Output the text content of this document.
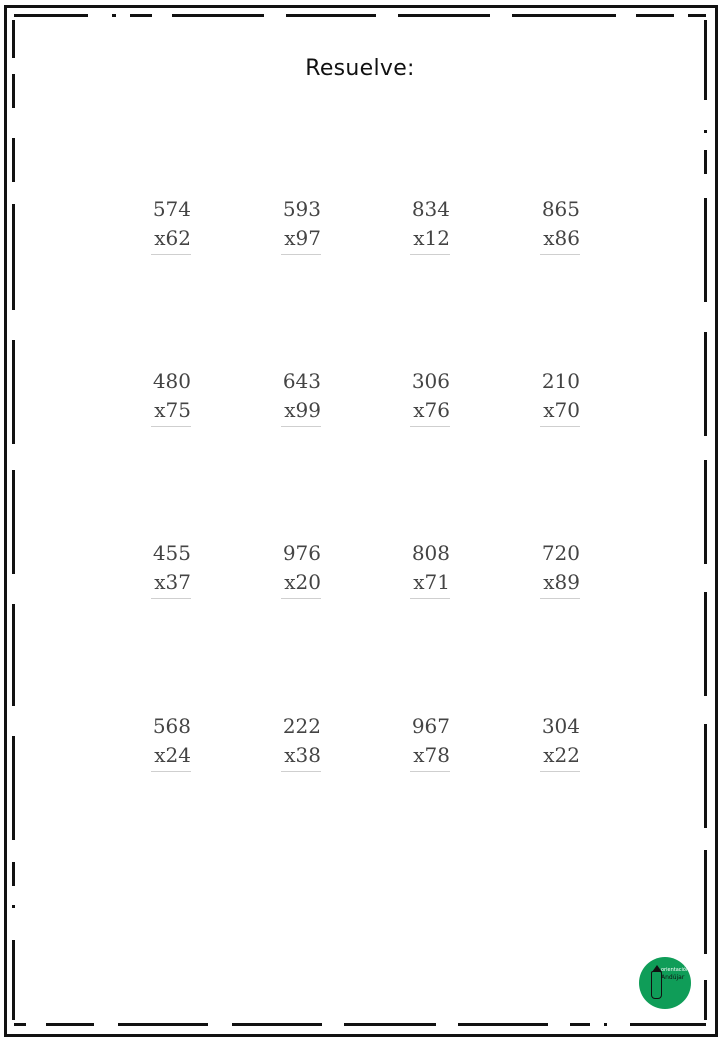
Resuelve:
574
x62
593
x97
834
x12
865
x86
480
x75
643
x99
306
x76
210
x70
455
x37
976
x20
808
x71
720
x89
568
x24
222
x38
967
x78
304
x22
orientación
Andújar
